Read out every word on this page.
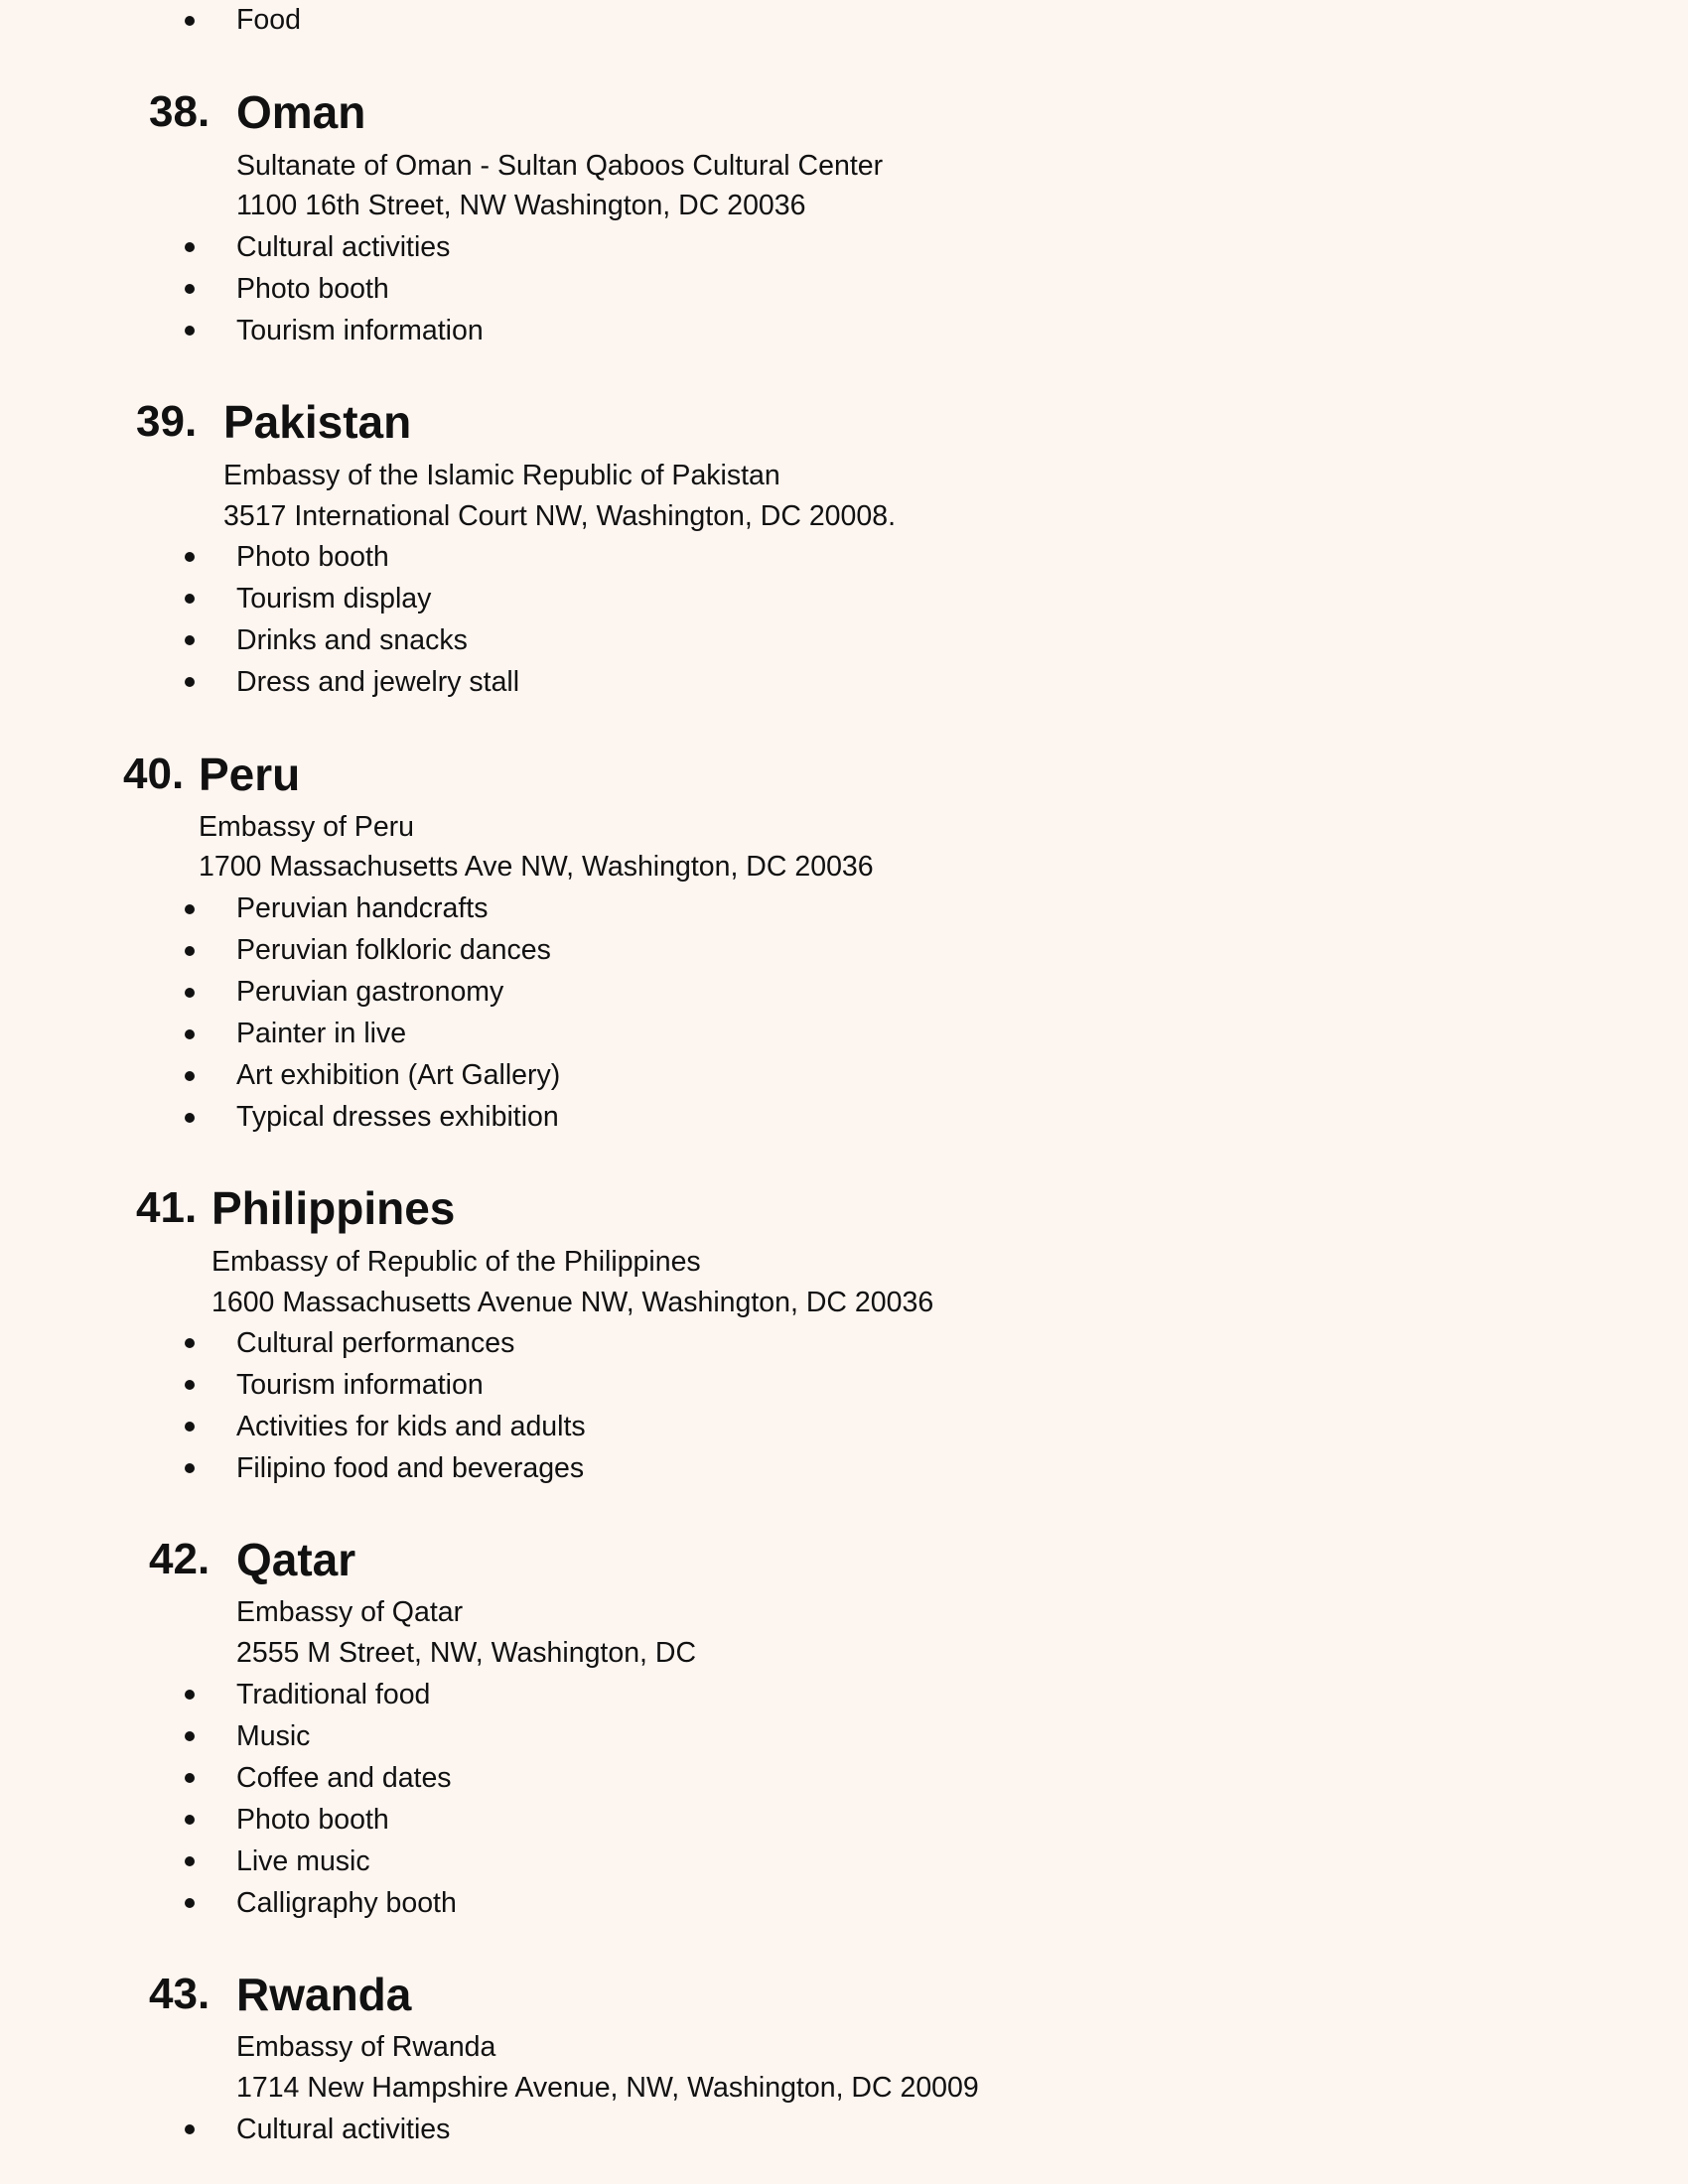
Food
38. Oman
Sultanate of Oman - Sultan Qaboos Cultural Center
1100 16th Street, NW Washington, DC 20036
Cultural activities
Photo booth
Tourism information
39. Pakistan
Embassy of the Islamic Republic of Pakistan
3517 International Court NW, Washington, DC 20008.
Photo booth
Tourism display
Drinks and snacks
Dress and jewelry stall
40. Peru
Embassy of Peru
1700 Massachusetts Ave NW, Washington, DC 20036
Peruvian handcrafts
Peruvian folkloric dances
Peruvian gastronomy
Painter in live
Art exhibition (Art Gallery)
Typical dresses exhibition
41. Philippines
Embassy of Republic of the Philippines
1600 Massachusetts Avenue NW, Washington, DC 20036
Cultural performances
Tourism information
Activities for kids and adults
Filipino food and beverages
42. Qatar
Embassy of Qatar
2555 M Street, NW, Washington, DC
Traditional food
Music
Coffee and dates
Photo booth
Live music
Calligraphy booth
43. Rwanda
Embassy of Rwanda
1714 New Hampshire Avenue, NW, Washington, DC 20009
Cultural activities
